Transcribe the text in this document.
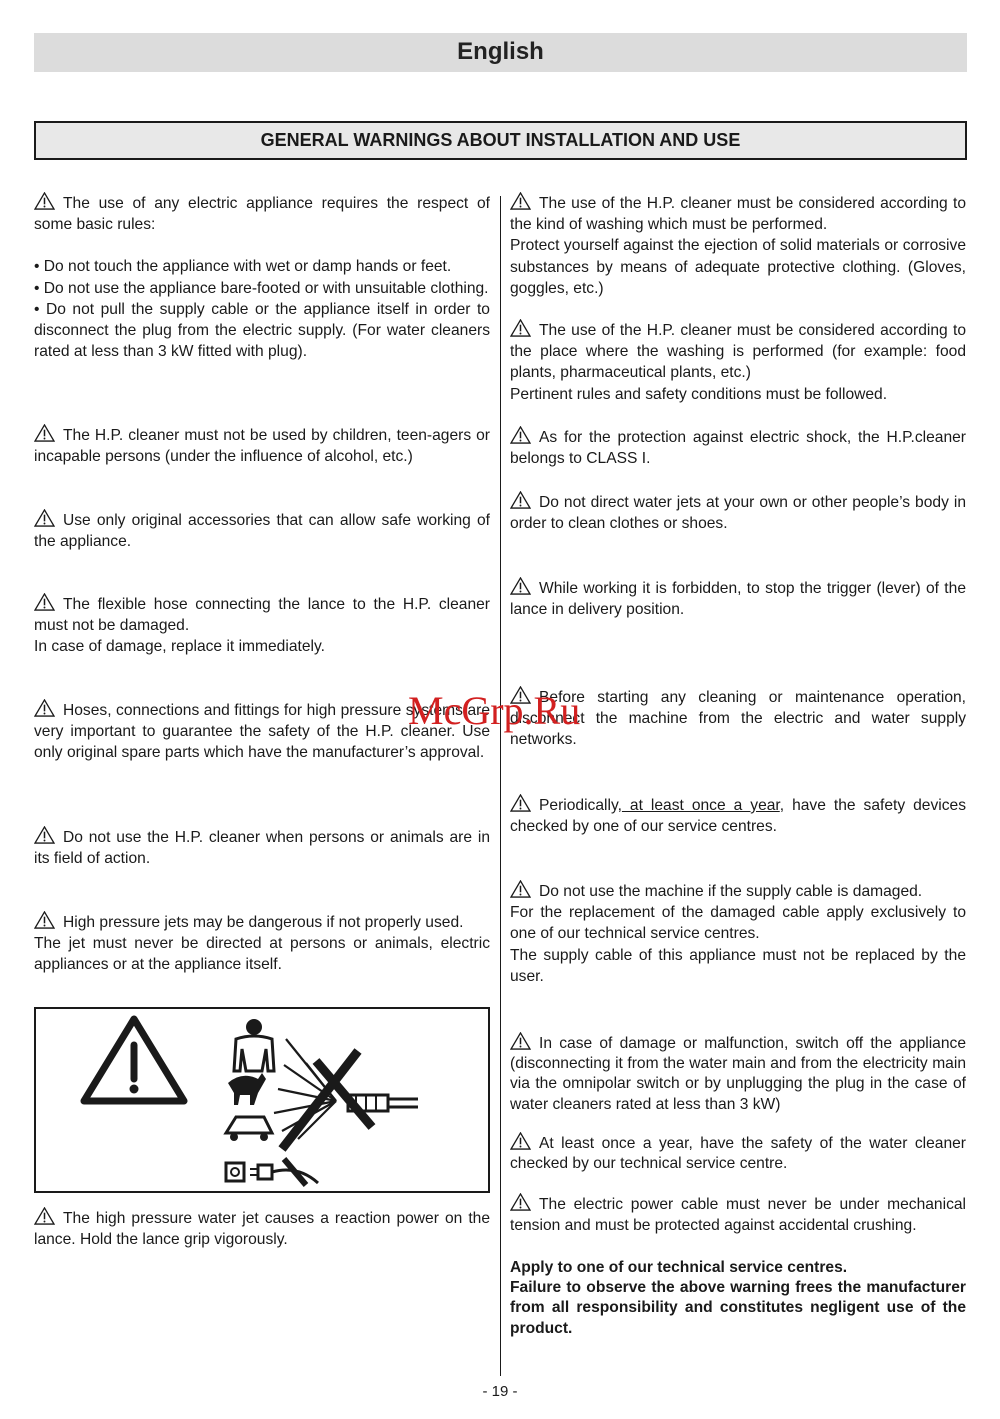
English
GENERAL WARNINGS ABOUT INSTALLATION AND USE

The use of any electric appliance requires the respect of some basic rules:

• Do not touch the appliance with wet or damp hands or feet.

• Do not use the appliance bare-footed or with unsuitable clothing.

• Do not pull the supply cable or the appliance itself in order to disconnect the plug from the electric supply. (For water cleaners rated at less than 3 kW fitted with plug).

The H.P. cleaner must not be used by children, teen-agers or incapable persons (under the influence of alcohol, etc.)

Use only original accessories that can allow safe working of the appliance.

The flexible hose connecting the lance to the H.P. cleaner must not be damaged.

In case of damage, replace it immediately.

Hoses, connections and fittings for high pressure systems are very important to guarantee the safety of the H.P. cleaner. Use only original spare parts which have the manufacturer’s approval.

Do not use the H.P. cleaner when persons or animals are in its field of action.

High pressure jets may be dangerous if not properly used.

The jet must never be directed at persons or animals, electric appliances or at the appliance itself.

The high pressure water jet causes a reaction power on the lance. Hold the lance grip vigorously.

The use of the H.P. cleaner must be considered according to the kind of washing which must be performed.

Protect yourself against the ejection of solid materials or corrosive substances by means of adequate protective clothing. (Gloves, goggles, etc.)

The use of the H.P. cleaner must be considered according to the place where the washing is performed (for example: food plants, pharmaceutical plants, etc.)

Pertinent rules and safety conditions must be followed.

As for the protection against electric shock, the H.P.cleaner belongs to CLASS I.

Do not direct water jets at your own or other people’s body in order to clean clothes or shoes.

While working it is forbidden, to stop the trigger (lever) of the lance in delivery position.

Before starting any cleaning or maintenance operation, disconnect the machine from the electric and water supply networks.

Periodically, at least once a year, have the safety devices checked by one of our service centres.

Do not use the machine if the supply cable is damaged.

For the replacement of the damaged cable apply exclusively to one of our technical service centres.

The supply cable of this appliance must not be replaced by the user.

In case of damage or malfunction, switch off the appliance (disconnecting it from the water main and from the electricity main via the omnipolar switch or by unplugging the plug in the case of water cleaners rated at less than 3 kW)

At least once a year, have the safety of the water cleaner checked by our technical service centre.

The electric power cable must never be under mechanical tension and must be protected against accidental crushing.

Apply to one of our technical service centres.

Failure to observe the above warning frees the manufacturer from all responsibility and constitutes negligent use of the product.

McGrp.Ru
- 19 -
